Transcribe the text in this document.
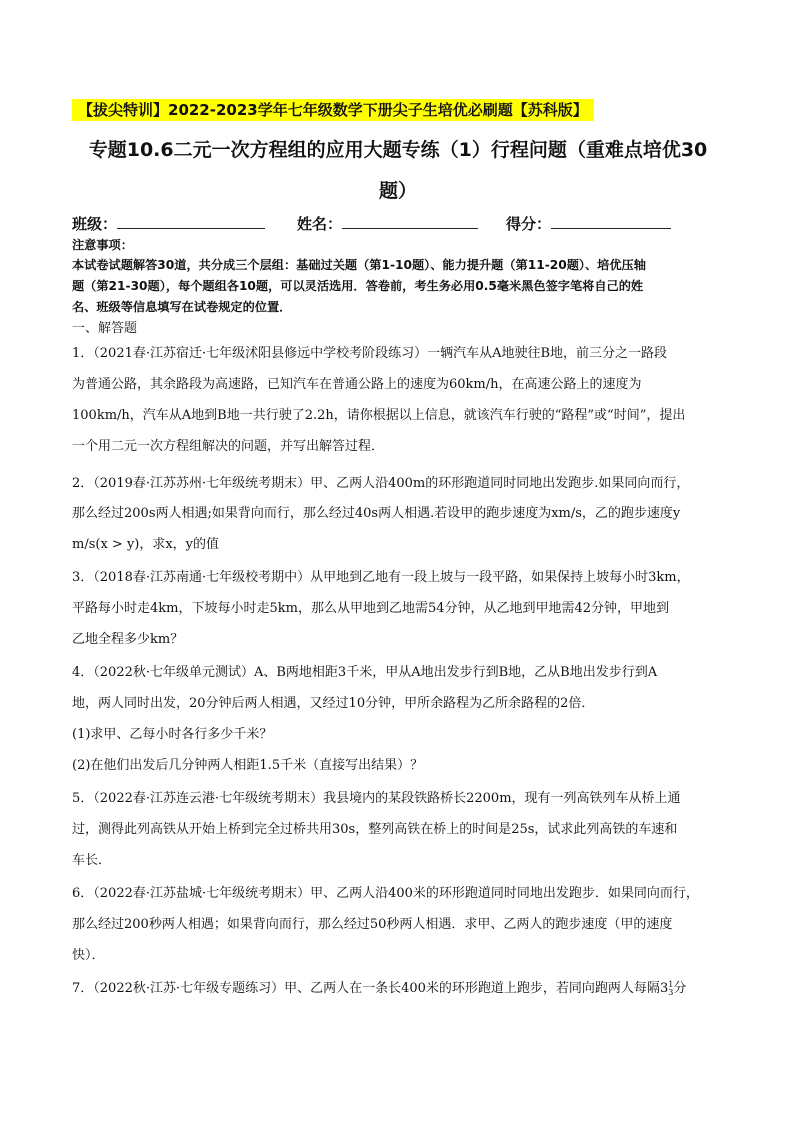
【拔尖特训】2022-2023学年七年级数学下册尖子生培优必刷题【苏科版】
专题10.6二元一次方程组的应用大题专练（1）行程问题（重难点培优30
题）
班级：	姓名：	得分：
注意事项：
本试卷试题解答30道，共分成三个层组：基础过关题（第1-10题）、能力提升题（第11-20题）、培优压轴
题（第21-30题），每个题组各10题，可以灵活选用．答卷前，考生务必用0.5毫米黑色签字笔将自己的姓
名、班级等信息填写在试卷规定的位置．
一、解答题
1．（2021春·江苏宿迁·七年级沭阳县修远中学校考阶段练习）一辆汽车从A地驶往B地，前三分之一路段
为普通公路，其余路段为高速路，已知汽车在普通公路上的速度为60km/h，在高速公路上的速度为
100km/h，汽车从A地到B地一共行驶了2.2h，请你根据以上信息，就该汽车行驶的“路程”或“时间”，提出
一个用二元一次方程组解决的问题，并写出解答过程．
2．（2019春·江苏苏州·七年级统考期末）甲、乙两人沿400m的环形跑道同时同地出发跑步.如果同向而行，
那么经过200s两人相遇;如果背向而行，那么经过40s两人相遇.若设甲的跑步速度为xm/s，乙的跑步速度y
m/s(x > y)，求x，y的值
3．（2018春·江苏南通·七年级校考期中）从甲地到乙地有一段上坡与一段平路，如果保持上坡每小时3km，
平路每小时走4km，下坡每小时走5km，那么从甲地到乙地需54分钟，从乙地到甲地需42分钟，甲地到
乙地全程多少km？
4．（2022秋·七年级单元测试）A、B两地相距3千米，甲从A地出发步行到B地，乙从B地出发步行到A
地，两人同时出发，20分钟后两人相遇，又经过10分钟，甲所余路程为乙所余路程的2倍．
(1)求甲、乙每小时各行多少千米？
(2)在他们出发后几分钟两人相距1.5千米（直接写出结果）？
5．（2022春·江苏连云港·七年级统考期末）我县境内的某段铁路桥长2200m，现有一列高铁列车从桥上通
过，测得此列高铁从开始上桥到完全过桥共用30s，整列高铁在桥上的时间是25s，试求此列高铁的车速和
车长．
6．（2022春·江苏盐城·七年级统考期末）甲、乙两人沿400米的环形跑道同时同地出发跑步．如果同向而行，
那么经过200秒两人相遇；如果背向而行，那么经过50秒两人相遇．求甲、乙两人的跑步速度（甲的速度
快）．
7．（2022秋·江苏·七年级专题练习）甲、乙两人在一条长400米的环形跑道上跑步，若同向跑两人每隔3 1
3 分
